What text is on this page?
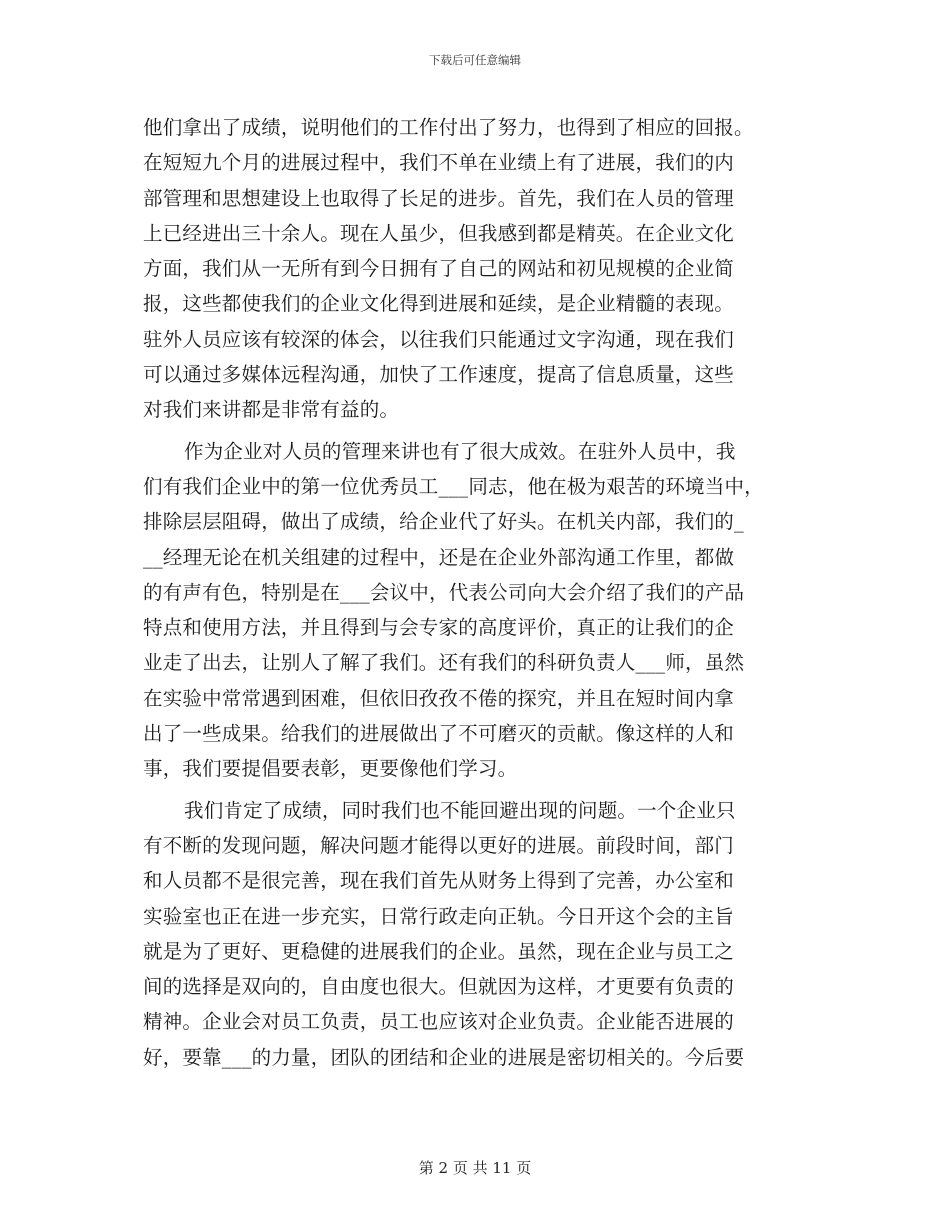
下载后可任意编辑
他们拿出了成绩，说明他们的工作付出了努力，也得到了相应的回报。
在短短九个月的进展过程中，我们不单在业绩上有了进展，我们的内
部管理和思想建设上也取得了长足的进步。首先，我们在人员的管理
上已经进出三十余人。现在人虽少，但我感到都是精英。在企业文化
方面，我们从一无所有到今日拥有了自己的网站和初见规模的企业简
报，这些都使我们的企业文化得到进展和延续，是企业精髓的表现。
驻外人员应该有较深的体会，以往我们只能通过文字沟通，现在我们
可以通过多媒体远程沟通，加快了工作速度，提高了信息质量，这些
对我们来讲都是非常有益的。
作为企业对人员的管理来讲也有了很大成效。在驻外人员中，我
们有我们企业中的第一位优秀员工___同志，他在极为艰苦的环境当中，
排除层层阻碍，做出了成绩，给企业代了好头。在机关内部，我们的_
__经理无论在机关组建的过程中，还是在企业外部沟通工作里，都做
的有声有色，特别是在___会议中，代表公司向大会介绍了我们的产品
特点和使用方法，并且得到与会专家的高度评价，真正的让我们的企
业走了出去，让别人了解了我们。还有我们的科研负责人___师，虽然
在实验中常常遇到困难，但依旧孜孜不倦的探究，并且在短时间内拿
出了一些成果。给我们的进展做出了不可磨灭的贡献。像这样的人和
事，我们要提倡要表彰，更要像他们学习。
我们肯定了成绩，同时我们也不能回避出现的问题。一个企业只
有不断的发现问题，解决问题才能得以更好的进展。前段时间，部门
和人员都不是很完善，现在我们首先从财务上得到了完善，办公室和
实验室也正在进一步充实，日常行政走向正轨。今日开这个会的主旨
就是为了更好、更稳健的进展我们的企业。虽然，现在企业与员工之
间的选择是双向的，自由度也很大。但就因为这样，才更要有负责的
精神。企业会对员工负责，员工也应该对企业负责。企业能否进展的
好，要靠___的力量，团队的团结和企业的进展是密切相关的。今后要
第 2 页 共 11 页
